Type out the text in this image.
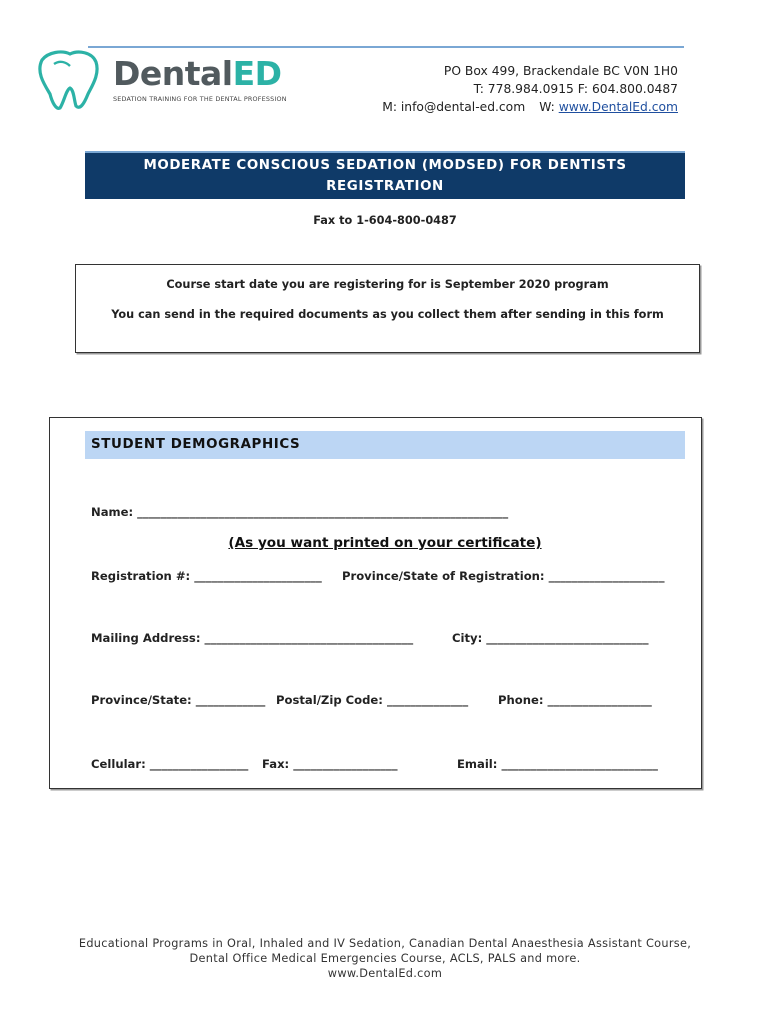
DentalED
SEDATION TRAINING FOR THE DENTAL PROFESSION
PO Box 499, Brackendale BC V0N 1H0
T: 778.984.0915 F: 604.800.0487
M: info@dental-ed.com W: www.DentalEd.com
MODERATE CONSCIOUS SEDATION (MODSED) FOR DENTISTS REGISTRATION
FORM: FALL 2020 COURSE
Fax to 1-604-800-0487

Course start date you are registering for is September 2020 program

You can send in the required documents as you collect them after sending in this form

STUDENT DEMOGRAPHICS
Name: ________________________________________________________________
(As you want printed on your certificate)
Registration #: ______________________ Province/State of Registration: ____________________
Mailing Address: ____________________________________	City: ____________________________
Province/State: ____________ Postal/Zip Code: ______________	Phone: __________________
Cellular: _________________ Fax: __________________	Email: ___________________________
Educational Programs in Oral, Inhaled and IV Sedation, Canadian Dental Anaesthesia Assistant Course,
Dental Office Medical Emergencies Course, ACLS, PALS and more.
www.DentalEd.com
